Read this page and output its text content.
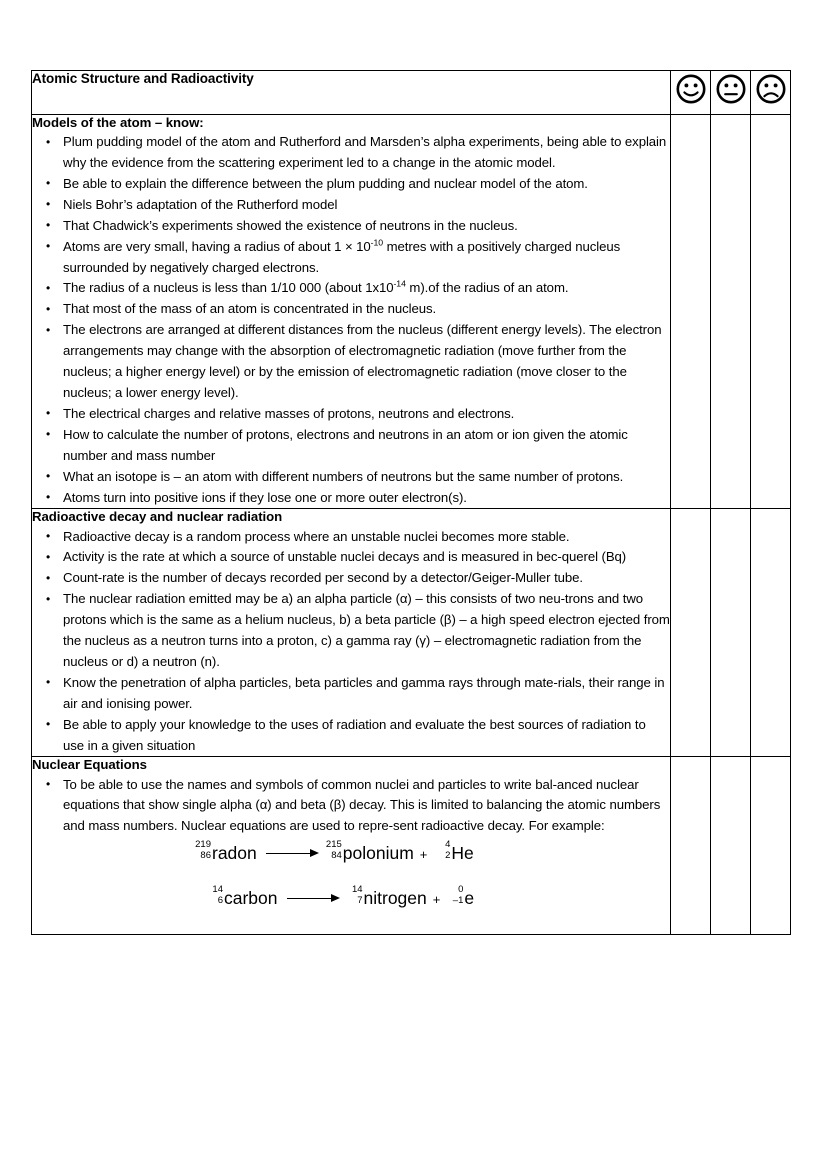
Atomic Structure and Radioactivity

Models of the atom – know:
• Plum pudding model of the atom and Rutherford and Marsden’s alpha experiments, being able to explain why the evidence from the scattering experiment led to a change in the atomic model.
• Be able to explain the difference between the plum pudding and nuclear model of the atom.
• Niels Bohr’s adaptation of the Rutherford model
• That Chadwick’s experiments showed the existence of neutrons in the nucleus.
• Atoms are very small, having a radius of about $1 \times 10^{-10}$ metres with a positively charged nucleus surrounded by negatively charged electrons.
• The radius of a nucleus is less than 1/10 000 (about $1x10^{-14}$ m).of the radius of an atom.
• That most of the mass of an atom is concentrated in the nucleus.
• The electrons are arranged at different distances from the nucleus (different energy levels). The electron arrangements may change with the absorption of electromagnetic radiation (move further from the nucleus; a higher energy level) or by the emission of electromagnetic radiation (move closer to the nucleus; a lower energy level).
• The electrical charges and relative masses of protons, neutrons and electrons.
• How to calculate the number of protons, electrons and neutrons in an atom or ion given the atomic number and mass number
• What an isotope is – an atom with different numbers of neutrons but the same number of protons.
• Atoms turn into positive ions if they lose one or more outer electron(s).

Radioactive decay and nuclear radiation
• Radioactive decay is a random process where an unstable nuclei becomes more stable.
• Activity is the rate at which a source of unstable nuclei decays and is measured in bec-querel (Bq)
• Count-rate is the number of decays recorded per second by a detector/Geiger-Muller tube.
• The nuclear radiation emitted may be a) an alpha particle (α) – this consists of two neu-trons and two protons which is the same as a helium nucleus, b) a beta particle (β) – a high speed electron ejected from the nucleus as a neutron turns into a proton, c) a gamma ray (γ) – electromagnetic radiation from the nucleus or d) a neutron (n).
• Know the penetration of alpha particles, beta particles and gamma rays through mate-rials, their range in air and ionising power.
• Be able to apply your knowledge to the uses of radiation and evaluate the best sources of radiation to use in a given situation

Nuclear Equations
• To be able to use the names and symbols of common nuclei and particles to write bal-anced nuclear equations that show single alpha (α) and beta (β) decay. This is limited to balancing the atomic numbers and mass numbers. Nuclear equations are used to repre-sent radioactive decay. For example:
219
86 radon	215
84 polonium +
4
2 He
14
6 carbon	14
7 nitrogen +
0
–1 e
